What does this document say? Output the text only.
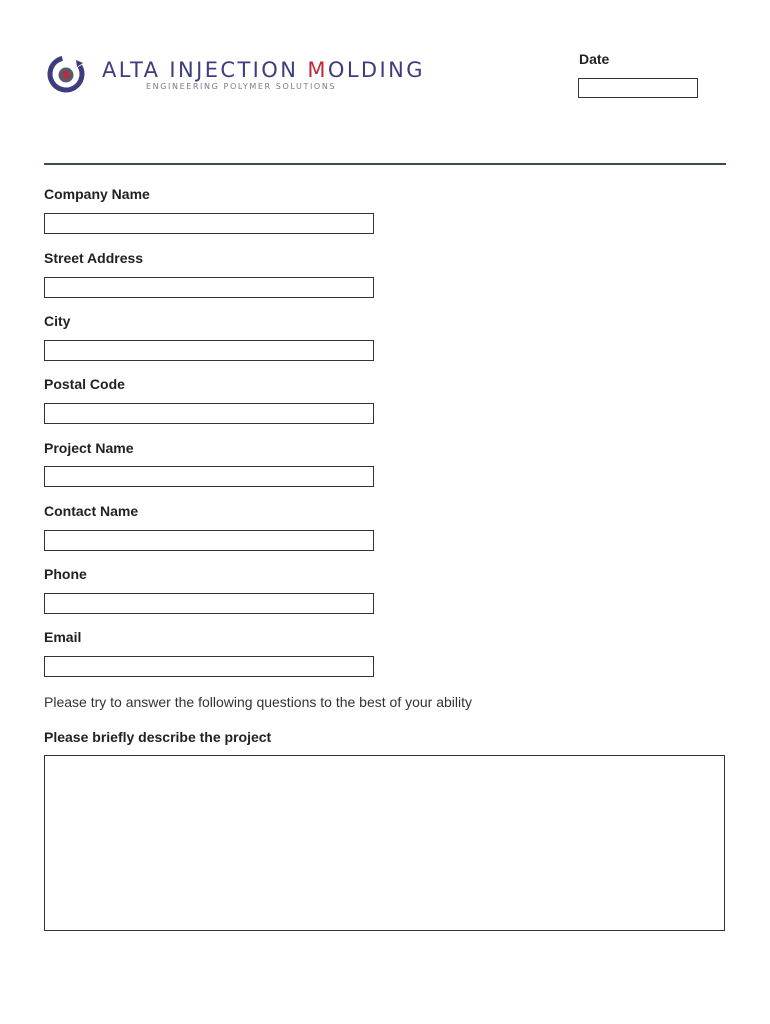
ALTA INJECTION MOLDING
ENGINEERING POLYMER SOLUTIONS
Date
Company Name
Street Address
City
Postal Code
Project Name
Contact Name
Phone
Email
Please try to answer the following questions to the best of your ability
Please briefly describe the project
